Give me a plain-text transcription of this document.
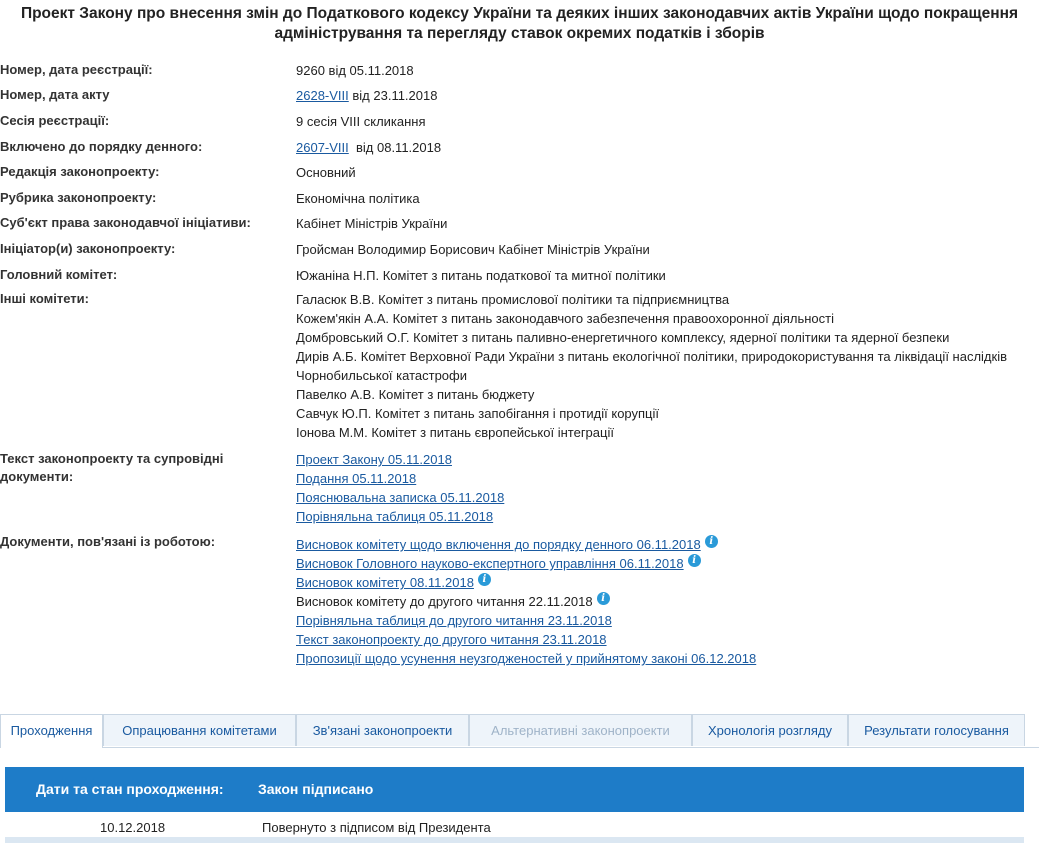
Проект Закону про внесення змін до Податкового кодексу України та деяких інших законодавчих актів України щодо покращення
адміністрування та перегляду ставок окремих податків і зборів
Номер, дата реєстрації:	9260 від 05.11.2018
Номер, дата акту	2628-VIII від 23.11.2018
Сесія реєстрації:	9 сесія VIII скликання
Включено до порядку денного:	2607-VIII  від 08.11.2018
Редакція законопроекту:	Основний
Рубрика законопроекту:	Економічна політика
Суб'єкт права законодавчої ініціативи:	Кабінет Міністрів України
Ініціатор(и) законопроекту:	Гройсман Володимир Борисович Кабінет Міністрів України
Головний комітет:	Южаніна Н.П. Комітет з питань податкової та митної політики
Інші комітети:	Галасюк В.В. Комітет з питань промислової політики та підприємництва
Кожем'якін А.А. Комітет з питань законодавчого забезпечення правоохоронної діяльності
Домбровський О.Г. Комітет з питань паливно-енергетичного комплексу, ядерної політики та ядерної безпеки
Дирів А.Б. Комітет Верховної Ради України з питань екологічної політики, природокористування та ліквідації наслідків
Чорнобильської катастрофи
Павелко А.В. Комітет з питань бюджету
Савчук Ю.П. Комітет з питань запобігання і протидії корупції
Іонова М.М. Комітет з питань європейської інтеграції
Текст законопроекту та супровідні
документи:
Проект Закону 05.11.2018
Подання 05.11.2018
Пояснювальна записка 05.11.2018
Порівняльна таблиця 05.11.2018
Документи, пов'язані із роботою:	Висновок комітету щодо включення до порядку денного 06.11.2018 i
Висновок Головного науково-експертного управління 06.11.2018 i
Висновок комітету 08.11.2018 i
Висновок комітету до другого читання 22.11.2018 i
Порівняльна таблиця до другого читання 23.11.2018
Текст законопроекту до другого читання 23.11.2018
Пропозиції щодо усунення неузгодженостей у прийнятому законі 06.12.2018
Проходження	Опрацювання комітетами	Зв'язані законопроекти	Альтернативні законопроекти	Хронологія розгляду	Результати голосування
Дати та стан проходження: Закон підписано
10.12.2018	Повернуто з підписом від Президента
